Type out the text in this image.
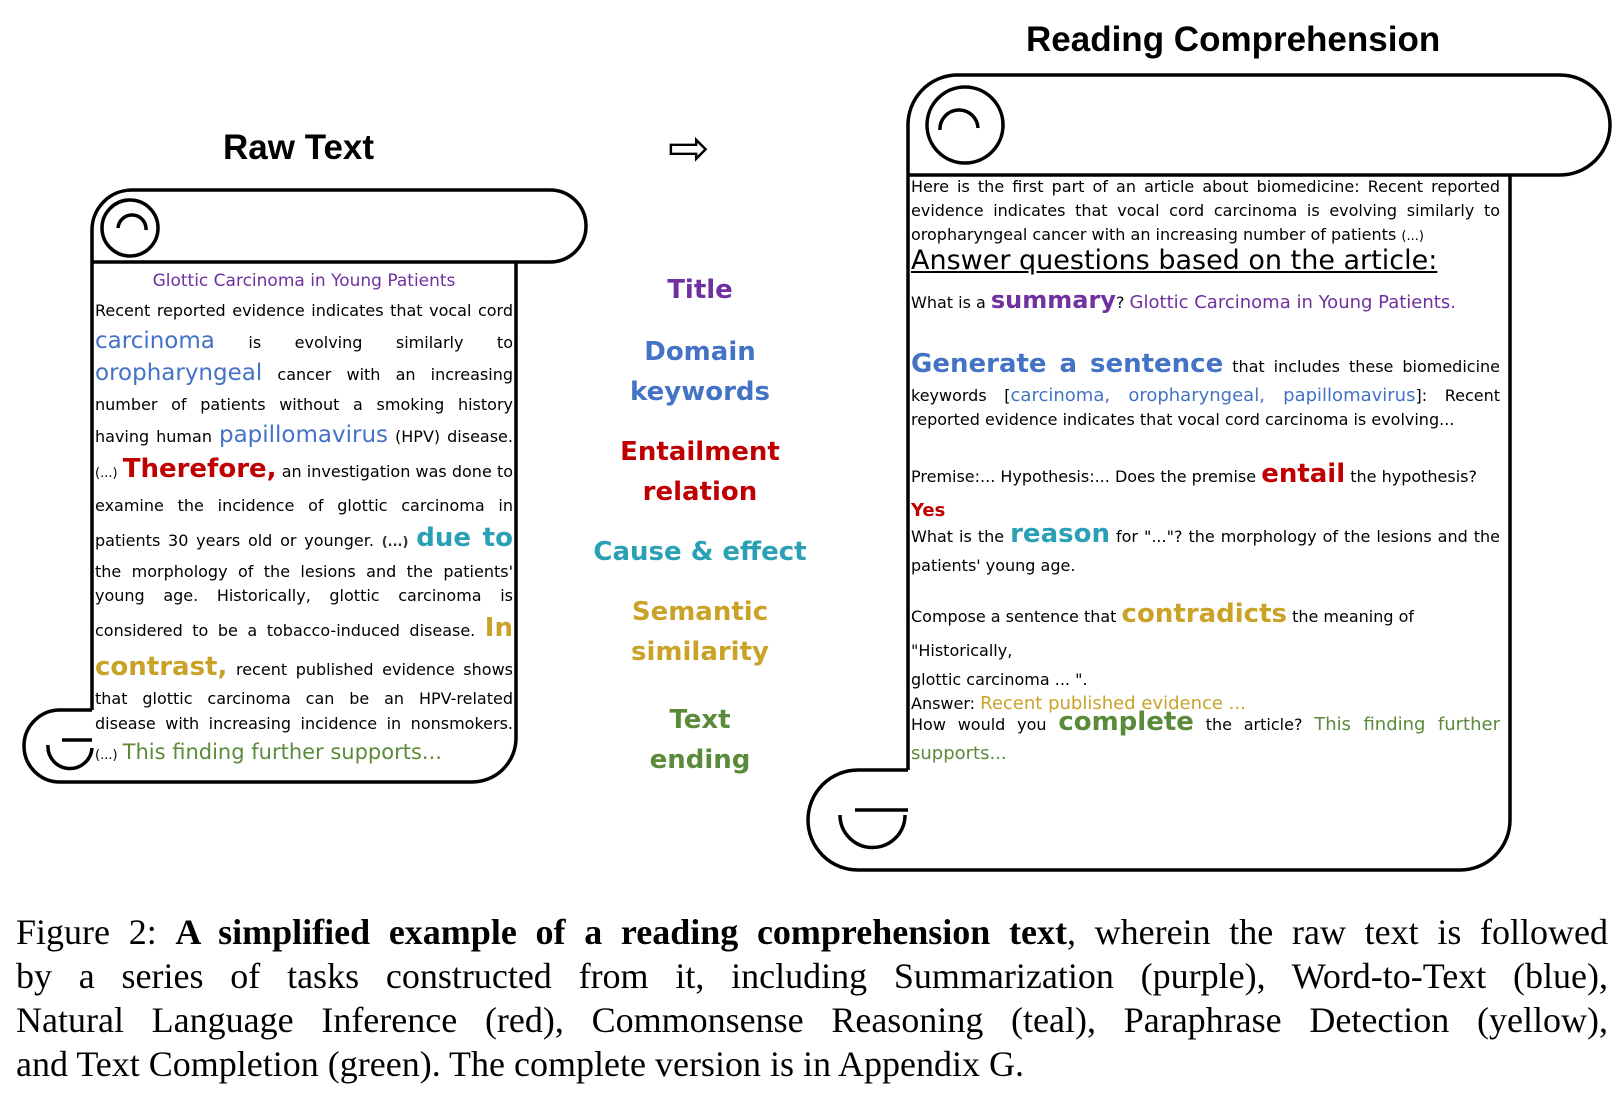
Raw Text
Reading Comprehension
⇨
Glottic Carcinoma in Young Patients
Recent reported evidence indicates that vocal cord
carcinoma is evolving similarly to
oropharyngeal cancer with an increasing
number of patients without a smoking history
having human papillomavirus (HPV) disease.
(...) Therefore, an investigation was done to
examine the incidence of glottic carcinoma in
patients 30 years old or younger. (...) due to
the morphology of the lesions and the patients'
young age. Historically, glottic carcinoma is
considered to be a tobacco-induced disease. In
contrast, recent published evidence shows
that glottic carcinoma can be an HPV-related
disease with increasing incidence in nonsmokers.
(...) This finding further supports...
Title
Domain
keywords
Entailment
relation
Cause & effect
Semantic
similarity
Text
ending
Here is the first part of an article about biomedicine: Recent reported
evidence indicates that vocal cord carcinoma is evolving similarly to
oropharyngeal cancer with an increasing number of patients (...)
Answer questions based on the article:
What is a summary? Glottic Carcinoma in Young Patients.
Generate a sentence that includes these biomedicine
keywords [carcinoma, oropharyngeal, papillomavirus]: Recent
reported evidence indicates that vocal cord carcinoma is evolving...
Premise:... Hypothesis:... Does the premise entail the hypothesis? Yes
What is the reason for "..."? the morphology of the lesions and the
patients' young age.
Compose a sentence that contradicts the meaning of "Historically,
glottic carcinoma ... ".
Answer: Recent published evidence ...
How would you complete the article? This finding further
supports...
Figure 2: A simplified example of a reading comprehension text, wherein the raw text is followed
by a series of tasks constructed from it, including Summarization (purple), Word-to-Text (blue),
Natural Language Inference (red), Commonsense Reasoning (teal), Paraphrase Detection (yellow),
and Text Completion (green). The complete version is in Appendix G.
